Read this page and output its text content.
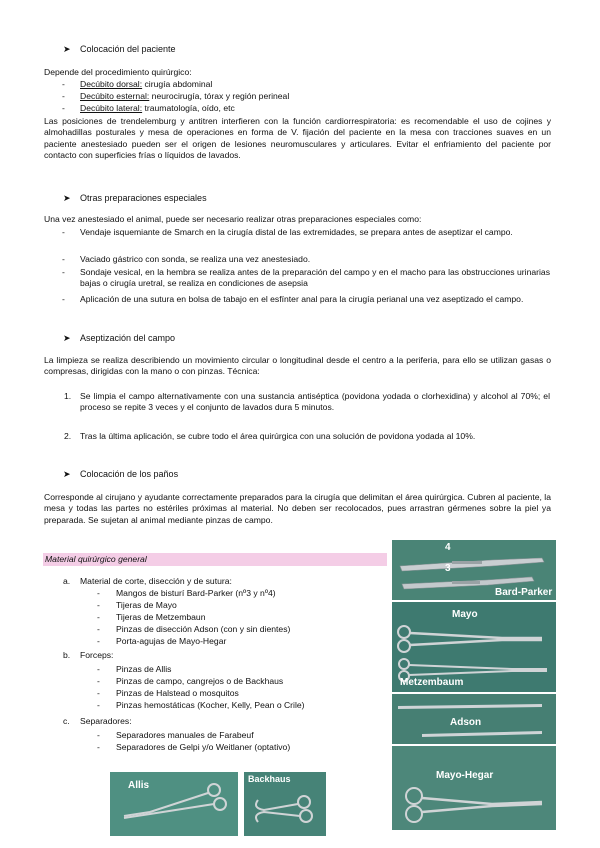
➤ Colocación del paciente
Depende del procedimiento quirúrgico:
-	Decúbito dorsal: cirugía abdominal
-	Decúbito esternal: neurocirugía, tórax y región perineal
-	Decúbito lateral: traumatología, oído, etc
Las posiciones de trendelemburg y antitren interfieren con la función cardiorrespiratoria: es recomendable el uso de cojines y almohadillas posturales y mesa de operaciones en forma de V. fijación del paciente en la mesa con tracciones suaves en un paciente anestesiado pueden ser el origen de lesiones neuromusculares y articulares. Evitar el enfriamiento del paciente por contacto con superficies frías o líquidos de lavados.
➤ Otras preparaciones especiales
Una vez anestesiado el animal, puede ser necesario realizar otras preparaciones especiales como:
-	Vendaje isquemiante de Smarch en la cirugía distal de las extremidades, se prepara antes de aseptizar el campo.
-	Vaciado gástrico con sonda, se realiza una vez anestesiado.
-	Sondaje vesical, en la hembra se realiza antes de la preparación del campo y en el macho para las obstrucciones urinarias bajas o cirugía uretral, se realiza en condiciones de asepsia
-	Aplicación de una sutura en bolsa de tabajo en el esfínter anal para la cirugía perianal una vez aseptizado el campo.
➤ Aseptización del campo
La limpieza se realiza describiendo un movimiento circular o longitudinal desde el centro a la periferia, para ello se utilizan gasas o compresas, dirigidas con la mano o con pinzas. Técnica:
1. Se limpia el campo alternativamente con una sustancia antiséptica (povidona yodada o clorhexidina) y alcohol al 70%; el proceso se repite 3 veces y el conjunto de lavados dura 5 minutos.
2. Tras la última aplicación, se cubre todo el área quirúrgica con una solución de povidona yodada al 10%.
➤ Colocación de los paños
Corresponde al cirujano y ayudante correctamente preparados para la cirugía que delimitan el área quirúrgica. Cubren al paciente, la mesa y todas las partes no estériles próximas al material. No deben ser recolocados, pues arrastran gérmenes sobre la piel ya preparada. Se sujetan al animal mediante pinzas de campo.
Material quirúrgico general
a. Material de corte, disección y de sutura:
-	Mangos de bisturí Bard-Parker (nº3 y nº4)
-	Tijeras de Mayo
-	Tijeras de Metzembaun
-	Pinzas de disección Adson (con y sin dientes)
-	Porta-agujas de Mayo-Hegar
b. Forceps:
-	Pinzas de Allis
-	Pinzas de campo, cangrejos o de Backhaus
-	Pinzas de Halstead o mosquitos
-	Pinzas hemostáticas (Kocher, Kelly, Pean o Crile)
c. Separadores:
-	Separadores manuales de Farabeuf
-	Separadores de Gelpi y/o Weitlaner (optativo)
4
3
Bard-Parker
Mayo
Metzembaum
Adson
Mayo-Hegar
Allis
Backhaus
